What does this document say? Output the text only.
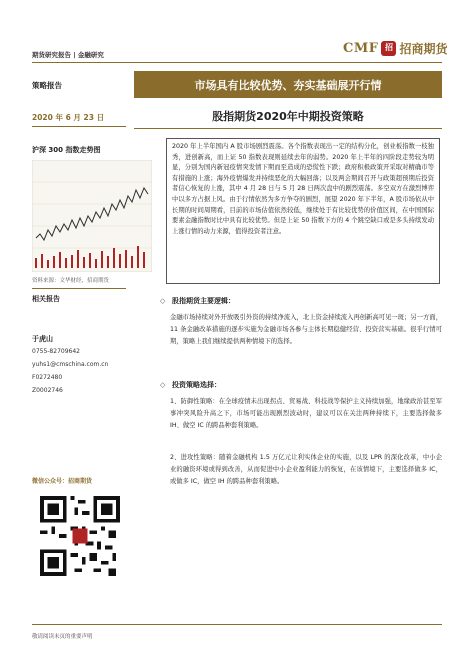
期货研究报告 | 金融研究	CMF 招 招商期货
策略报告	市场具有比较优势、夯实基础展开行情
2020 年 6 月 23 日	股指期货2020年中期投资策略
沪深 300 指数走势图
资料来源：文华财经，招商期货
相关报告
于虎山
0755-82709642
yuhs1@cmschina.com.cn
F0272480
Z0002746
微信公众号：招商期货

2020 年上半年国内 A 股市场剧烈震荡。各个指数表现出一定的结构分化，创业板指数一枝独秀，进创新高，而上证 50 指数表现则延续去年的弱势。2020 年上半年的四阶段走势较为明显，分别为国内新冠疫情突发情下期而至造成的恐慌性下跌；政府积极政策开采取对精确市等有措施的上涨；海外疫情爆发并持续恶化的大幅回落；以及两会期间召开与政策超预期后投资者信心恢复的上涨，其中 4 月 28 日与 5 月 28 日两次盘中的剧烈震荡。多空双方在激烈博弈中以多方占据上风。由于行情依然为多方争夺的剧烈，展望 2020 年下半年，A 股市场依从中长期的时间周期看，目前的市场估值依然较低，继续处于有比较优势的价值区间，在中国国际要素金融指数时比中具有比较优势。但是上证 50 指数下方的 4 个跳空缺口或是多头持续发动上涨行情的动力来源，值得投资者注意。

◇ 股指期货主要逻辑：
金融市场持续对外开放吸引外资的持续净流入，北上资金持续流入再创新高可见一斑；另一方面，11 条金融改革措施的逐步实施为金融市场各参与主体长期稳健经营、投资营实基础。很乎行情可期，策略上我们继续提供两种情境下的选择。
◇ 投资策略选择：
1、防御性策略：在全球疫情未出现拐点、贸易战、科技战等保护主义持续加强，地缘政治甚至军事冲突风险升高之下，市场可能出现剧烈波动时，建议可以在关注两种持续下，主要选择做多 IH、做空 IC 的跨品种套利策略。
2、进攻性策略：随着金融机构 1.5 万亿元让利实体企业的实施，以及 LPR 的深化改革，中小企业的融资环境或得到改善，从而促进中小企业盈利能力的恢复，在该情境下，主要选择做多 IC，或做多 IC，做空 IH 的跨品种套利策略。
敬请阅读末页的重要声明
